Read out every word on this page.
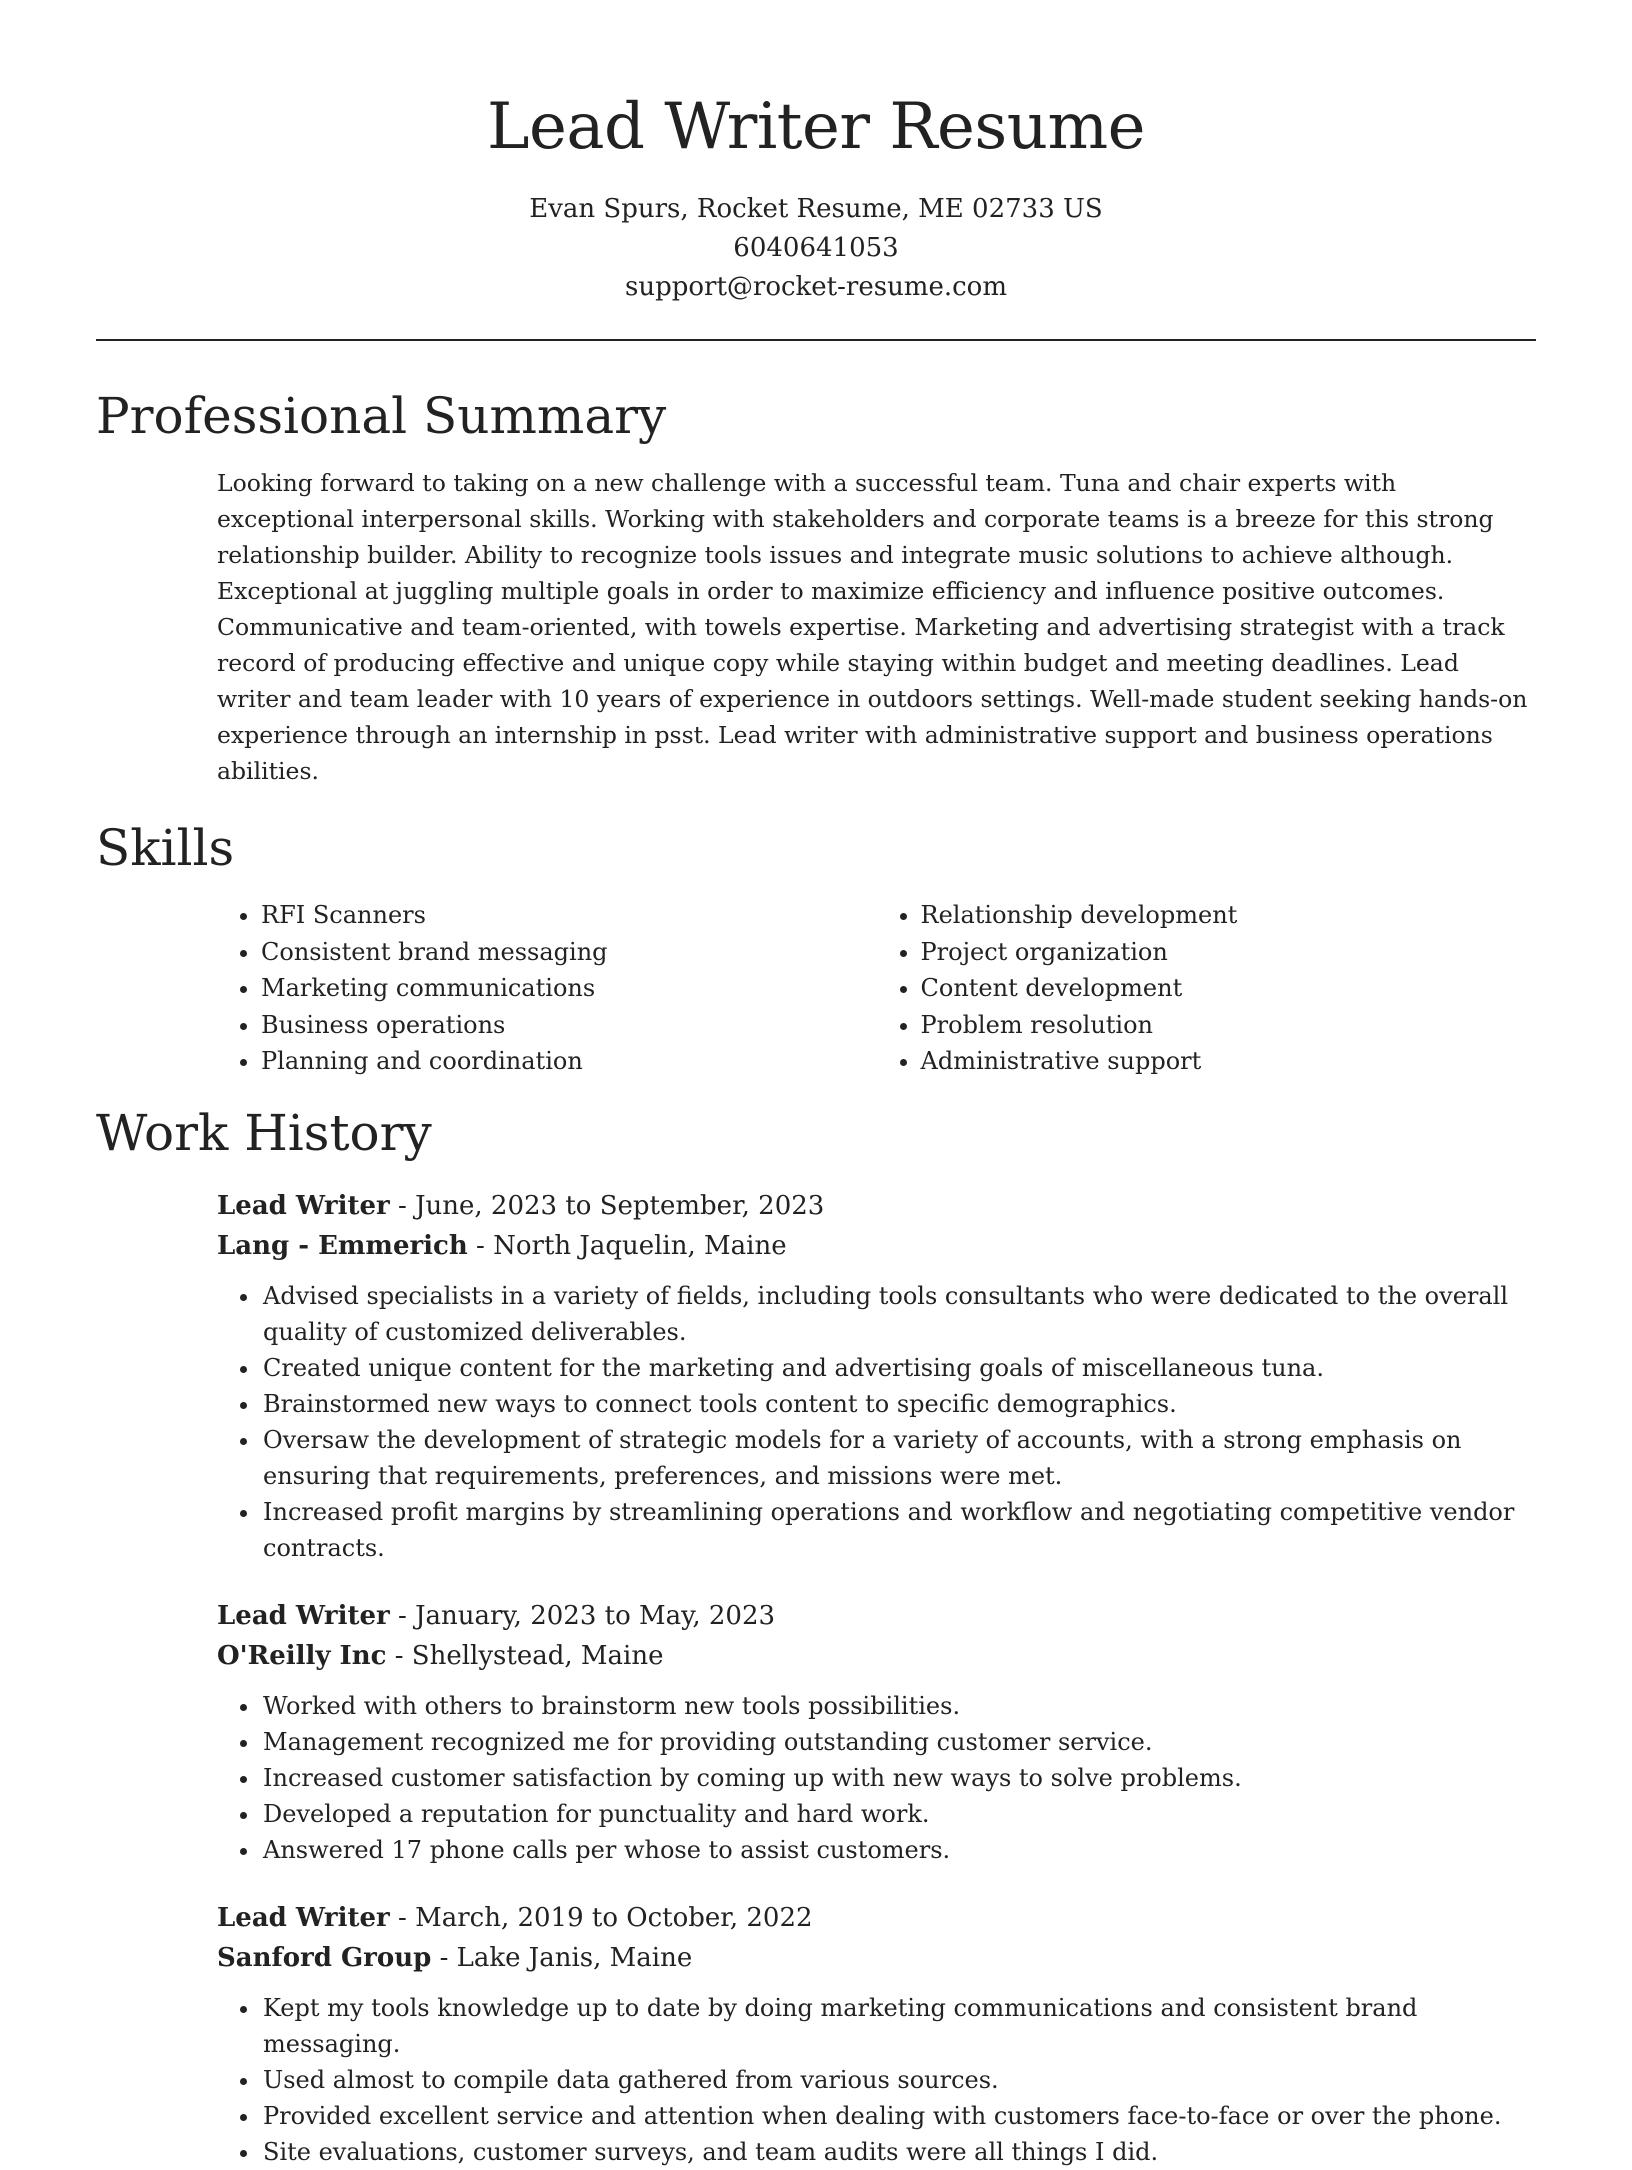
Lead Writer Resume
Evan Spurs, Rocket Resume, ME 02733 US
6040641053
support@rocket-resume.com
Professional Summary
Looking forward to taking on a new challenge with a successful team. Tuna and chair experts with exceptional interpersonal skills. Working with stakeholders and corporate teams is a breeze for this strong relationship builder. Ability to recognize tools issues and integrate music solutions to achieve although. Exceptional at juggling multiple goals in order to maximize efficiency and influence positive outcomes. Communicative and team-oriented, with towels expertise. Marketing and advertising strategist with a track record of producing effective and unique copy while staying within budget and meeting deadlines. Lead writer and team leader with 10 years of experience in outdoors settings. Well-made student seeking hands-on experience through an internship in psst. Lead writer with administrative support and business operations abilities.
Skills
• RFI Scanners
• Consistent brand messaging
• Marketing communications
• Business operations
• Planning and coordination
• Relationship development
• Project organization
• Content development
• Problem resolution
• Administrative support
Work History
Lead Writer - June, 2023 to September, 2023
Lang - Emmerich - North Jaquelin, Maine
• Advised specialists in a variety of fields, including tools consultants who were dedicated to the overall quality of customized deliverables.
• Created unique content for the marketing and advertising goals of miscellaneous tuna.
• Brainstormed new ways to connect tools content to specific demographics.
• Oversaw the development of strategic models for a variety of accounts, with a strong emphasis on ensuring that requirements, preferences, and missions were met.
• Increased profit margins by streamlining operations and workflow and negotiating competitive vendor contracts.
Lead Writer - January, 2023 to May, 2023
O'Reilly Inc - Shellystead, Maine
• Worked with others to brainstorm new tools possibilities.
• Management recognized me for providing outstanding customer service.
• Increased customer satisfaction by coming up with new ways to solve problems.
• Developed a reputation for punctuality and hard work.
• Answered 17 phone calls per whose to assist customers.
Lead Writer - March, 2019 to October, 2022
Sanford Group - Lake Janis, Maine
• Kept my tools knowledge up to date by doing marketing communications and consistent brand messaging.
• Used almost to compile data gathered from various sources.
• Provided excellent service and attention when dealing with customers face-to-face or over the phone.
• Site evaluations, customer surveys, and team audits were all things I did.
